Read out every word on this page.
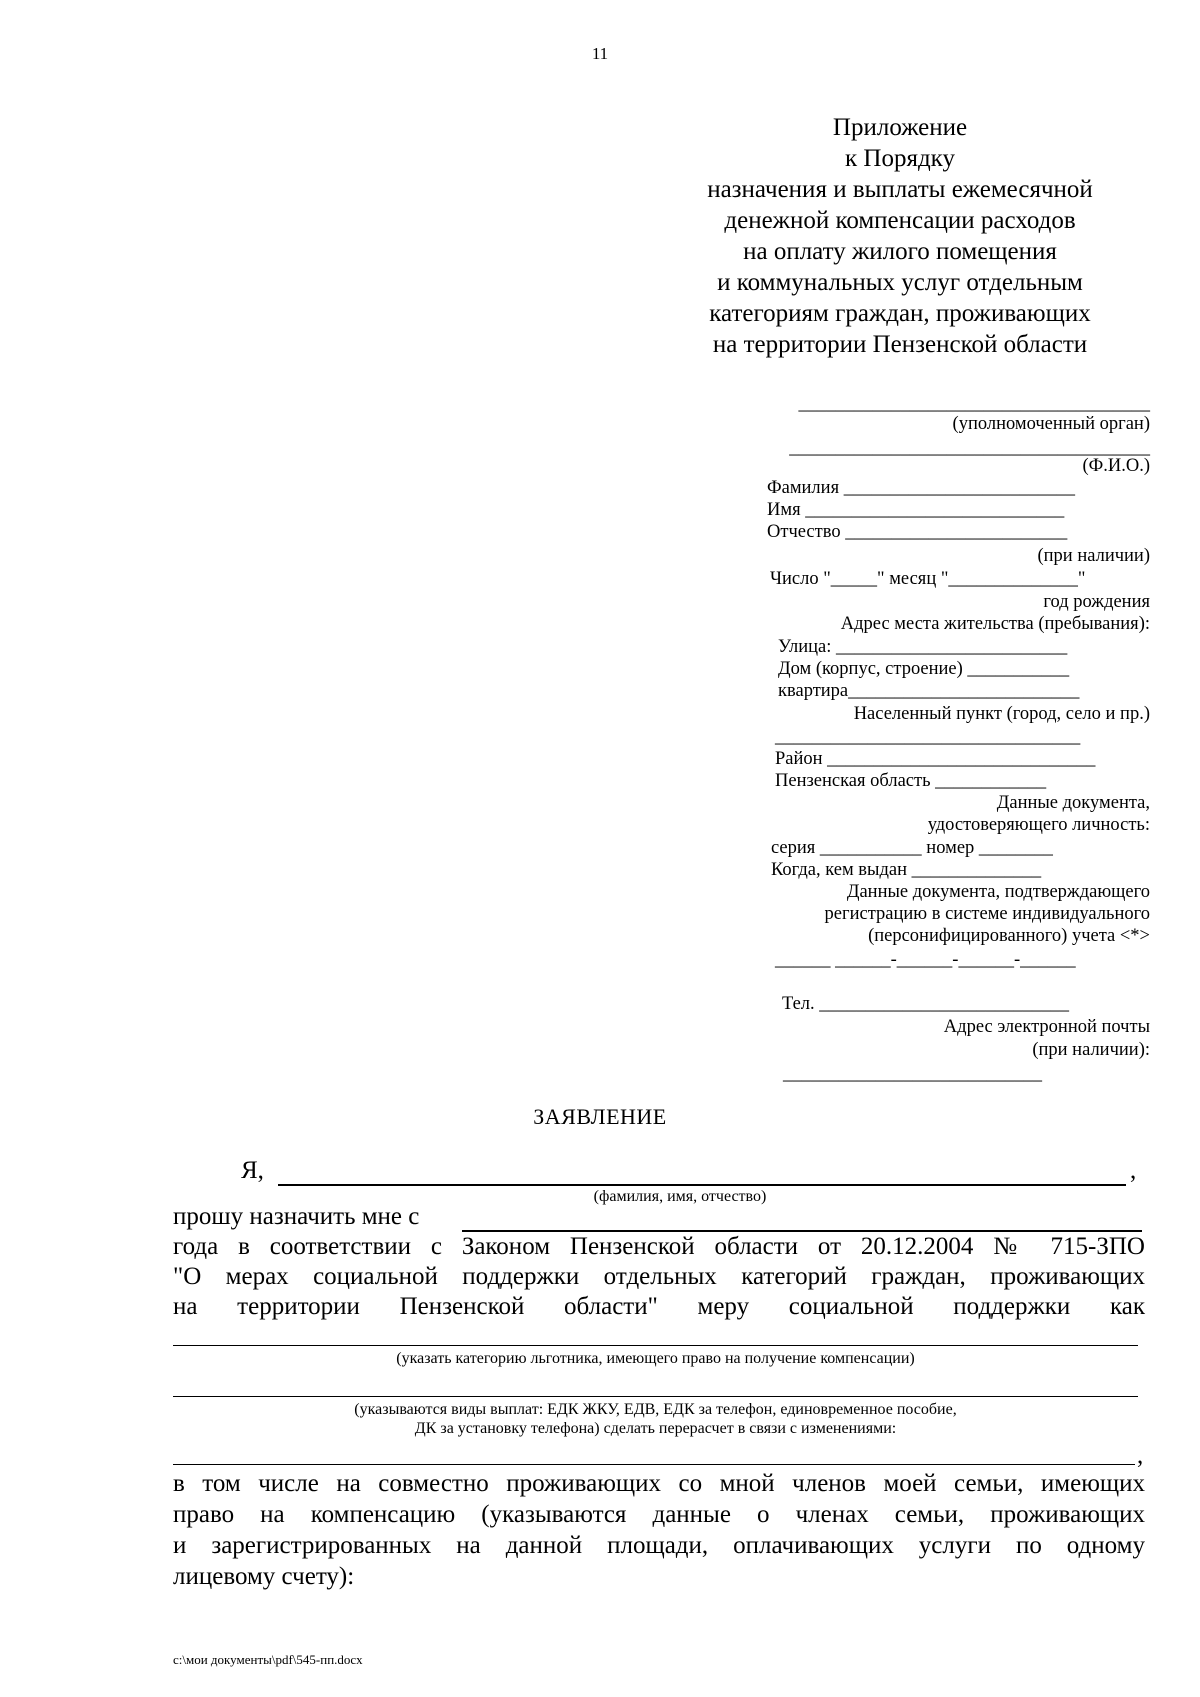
11
Приложение
к Порядку
назначения и выплаты ежемесячной
денежной компенсации расходов
на оплату жилого помещения
и коммунальных услуг отдельным
категориям граждан, проживающих
на территории Пензенской области
______________________________________
(уполномоченный орган)
_______________________________________
(Ф.И.О.)
Фамилия _________________________
Имя ____________________________
Отчество ________________________
(при наличии)
Число "_____" месяц "______________"
год рождения
Адрес места жительства (пребывания):
Улица: _________________________
Дом (корпус, строение) ___________
квартира_________________________
Населенный пункт (город, село и пр.)
_________________________________
Район _____________________________
Пензенская область ____________
Данные документа,
удостоверяющего личность:
серия ___________ номер ________
Когда, кем выдан ______________
Данные документа, подтверждающего
регистрацию в системе индивидуального
(персонифицированного) учета <*>
______ ______-______-______-______
Тел. ___________________________
Адрес электронной почты
(при наличии):
____________________________
ЗАЯВЛЕНИЕ
Я,	,
(фамилия, имя, отчество)
прошу назначить мне с
года в соответствии с Законом Пензенской области от 20.12.2004 № 715-ЗПО
"О мерах социальной поддержки отдельных категорий граждан, проживающих
на территории Пензенской области" меру социальной поддержки как
(указать категорию льготника, имеющего право на получение компенсации)
(указываются виды выплат: ЕДК ЖКУ, ЕДВ, ЕДК за телефон, единовременное пособие,
ДК за установку телефона) сделать перерасчет в связи с изменениями:
,
в том числе на совместно проживающих со мной членов моей семьи, имеющих
право на компенсацию (указываются данные о членах семьи, проживающих
и зарегистрированных на данной площади, оплачивающих услуги по одному
лицевому счету):
c:\мои документы\pdf\545-пп.docx
